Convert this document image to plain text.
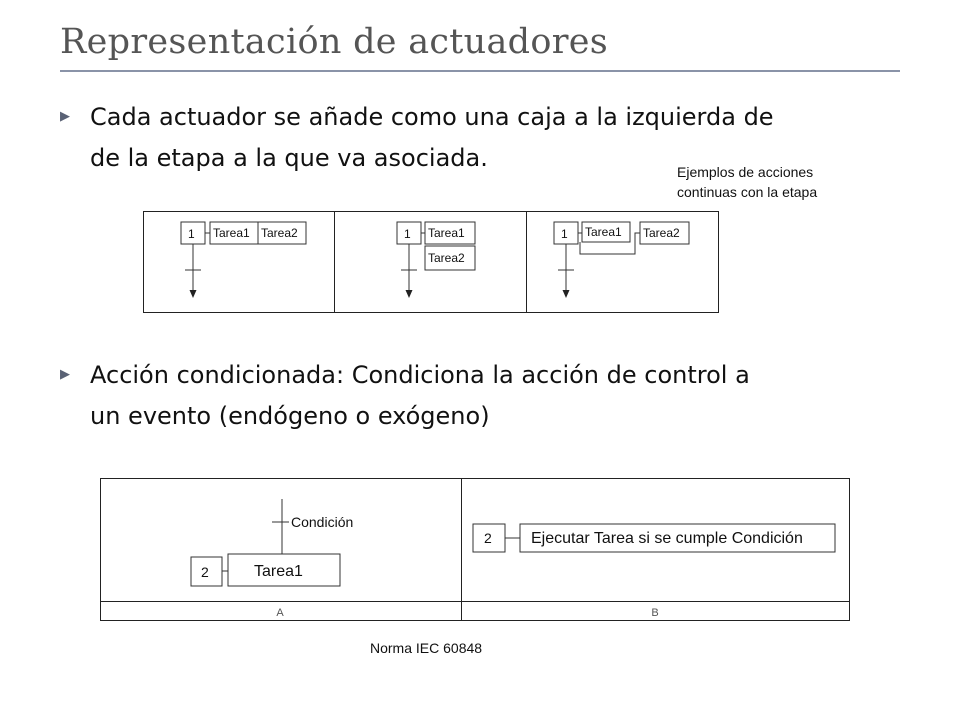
Representación de actuadores
▶ Cada actuador se añade como una caja a la izquierda de
de la etapa a la que va asociada.	Ejemplos de acciones
continuas con la etapa
1 Tarea1 Tarea2	1 Tarea1
Tarea2
1 Tarea1 Tarea2
▶ Acción condicionada: Condiciona la acción de control a
un evento (endógeno o exógeno)
Condición
2	Tarea1
2 Ejecutar Tarea si se cumple Condición
A	B
Norma IEC 60848
